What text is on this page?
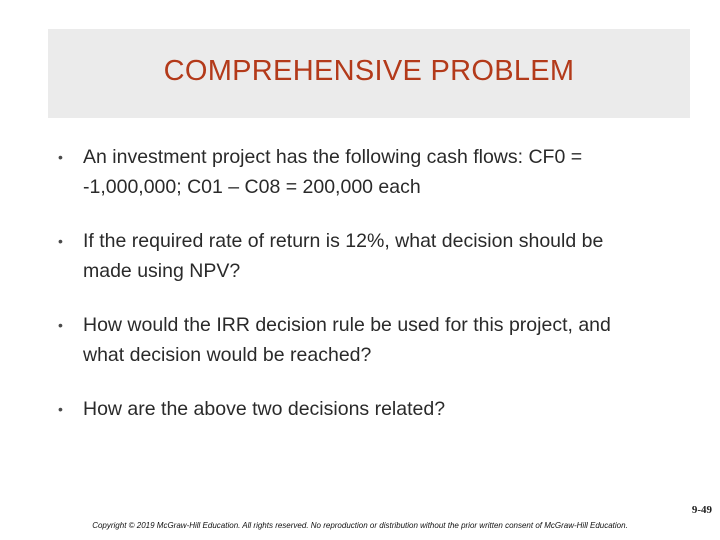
COMPREHENSIVE PROBLEM
• An investment project has the following cash flows: CF0 = -1,000,000; C01 – C08 = 200,000 each
• If the required rate of return is 12%, what decision should be made using NPV?
• How would the IRR decision rule be used for this project, and what decision would be reached?
• How are the above two decisions related?
9-49
Copyright © 2019 McGraw-Hill Education. All rights reserved. No reproduction or distribution without the prior written consent of McGraw-Hill Education.
